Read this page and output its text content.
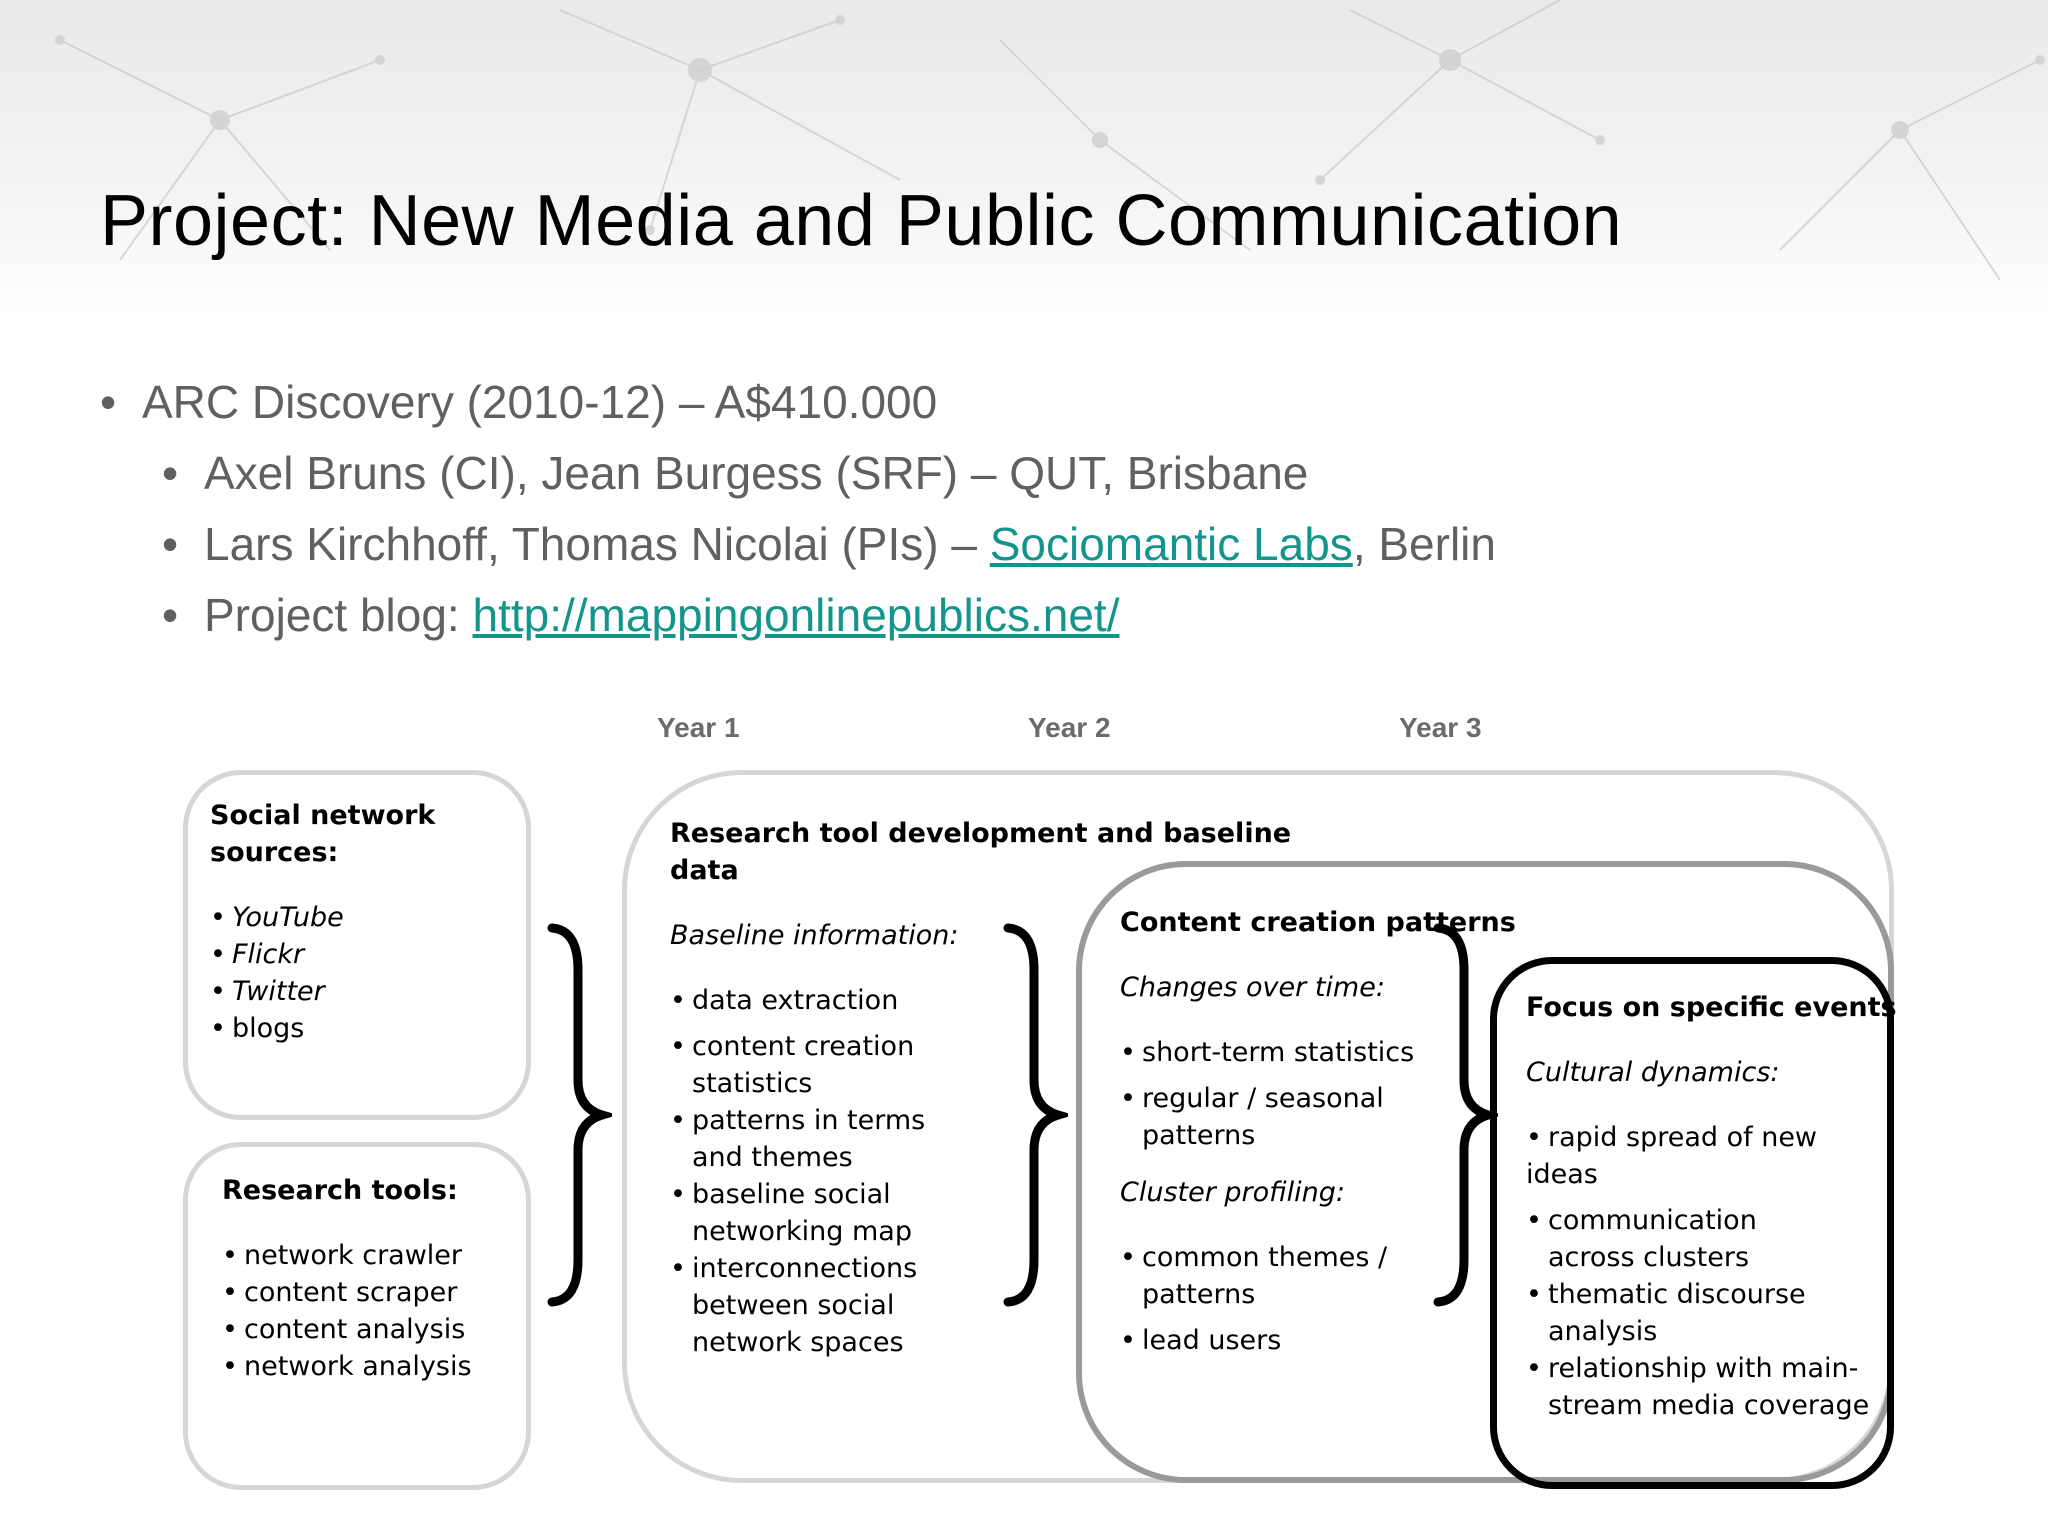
Project: New Media and Public Communication
• ARC Discovery (2010-12) – A$410.000
• Axel Bruns (CI), Jean Burgess (SRF) – QUT, Brisbane
• Lars Kirchhoff, Thomas Nicolai (PIs) – Sociomantic Labs, Berlin
• Project blog: http://mappingonlinepublics.net/
Year 1	Year 2	Year 3
Social network
sources:
• YouTube
• Flickr
• Twitter
• blogs
Research tools:
• network crawler
• content scraper
• content analysis
• network analysis
Research tool development and baseline
data
Baseline information:
• data extraction
• content creation
statistics
• patterns in terms
and themes
• baseline social
networking map
• interconnections
between social
network spaces
Content creation patterns
Changes over time:
• short-term statistics
• regular / seasonal
patterns
Cluster profiling:
• common themes /
patterns
• lead users
Focus on specific events
Cultural dynamics:
• rapid spread of new
ideas
• communication
across clusters
• thematic discourse
analysis
• relationship with main-
stream media coverage
